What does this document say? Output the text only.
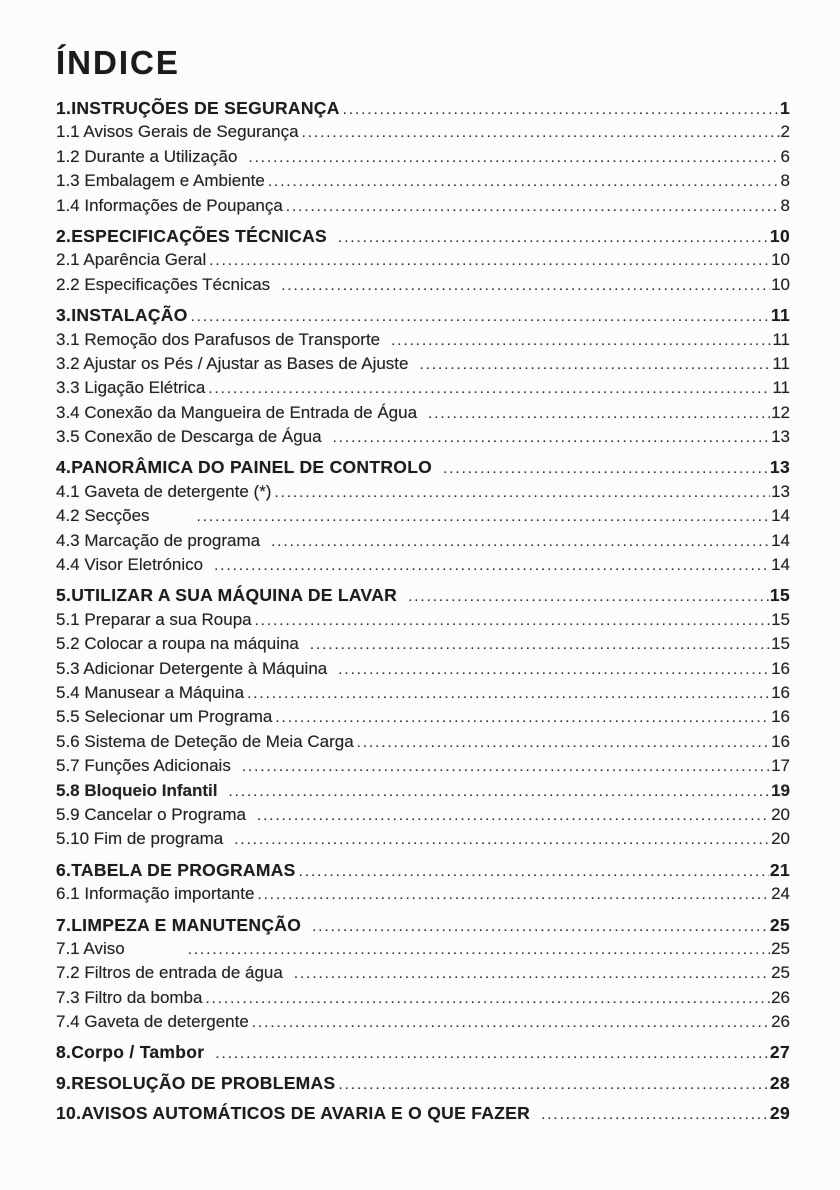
ÍNDICE
1.INSTRUÇÕES DE SEGURANÇA .....	1
1.1 Avisos Gerais de Segurança .....	2
1.2 Durante a Utilização .....	6
1.3 Embalagem e Ambiente .....	8
1.4 Informações de Poupança .....	8
2.ESPECIFICAÇÕES TÉCNICAS .....	10
2.1 Aparência Geral .....	10
2.2 Especificações Técnicas .....	10
3.INSTALAÇÃO .....	11
3.1 Remoção dos Parafusos de Transporte .....	11
3.2 Ajustar os Pés / Ajustar as Bases de Ajuste .....	11
3.3 Ligação Elétrica .....	11
3.4 Conexão da Mangueira de Entrada de Água .....	12
3.5 Conexão de Descarga de Água .....	13
4.PANORÂMICA DO PAINEL DE CONTROLO .....	13
4.1 Gaveta de detergente (*) .....	13
4.2 Secções .....	14
4.3 Marcação de programa .....	14
4.4 Visor Eletrónico .....	14
5.UTILIZAR A SUA MÁQUINA DE LAVAR .....	15
5.1 Preparar a sua Roupa .....	15
5.2 Colocar a roupa na máquina .....	15
5.3 Adicionar Detergente à Máquina .....	16
5.4 Manusear a Máquina .....	16
5.5 Selecionar um Programa .....	16
5.6 Sistema de Deteção de Meia Carga .....	16
5.7 Funções Adicionais .....	17
5.8 Bloqueio Infantil .....	19
5.9 Cancelar o Programa .....	20
5.10 Fim de programa .....	20
6.TABELA DE PROGRAMAS .....	21
6.1 Informação importante .....	24
7.LIMPEZA E MANUTENÇÃO .....	25
7.1 Aviso .....	25
7.2 Filtros de entrada de água .....	25
7.3 Filtro da bomba .....	26
7.4 Gaveta de detergente .....	26
8.Corpo / Tambor .....	27
9.RESOLUÇÃO DE PROBLEMAS .....	28
10.AVISOS AUTOMÁTICOS DE AVARIA E O QUE FAZER .....	29
